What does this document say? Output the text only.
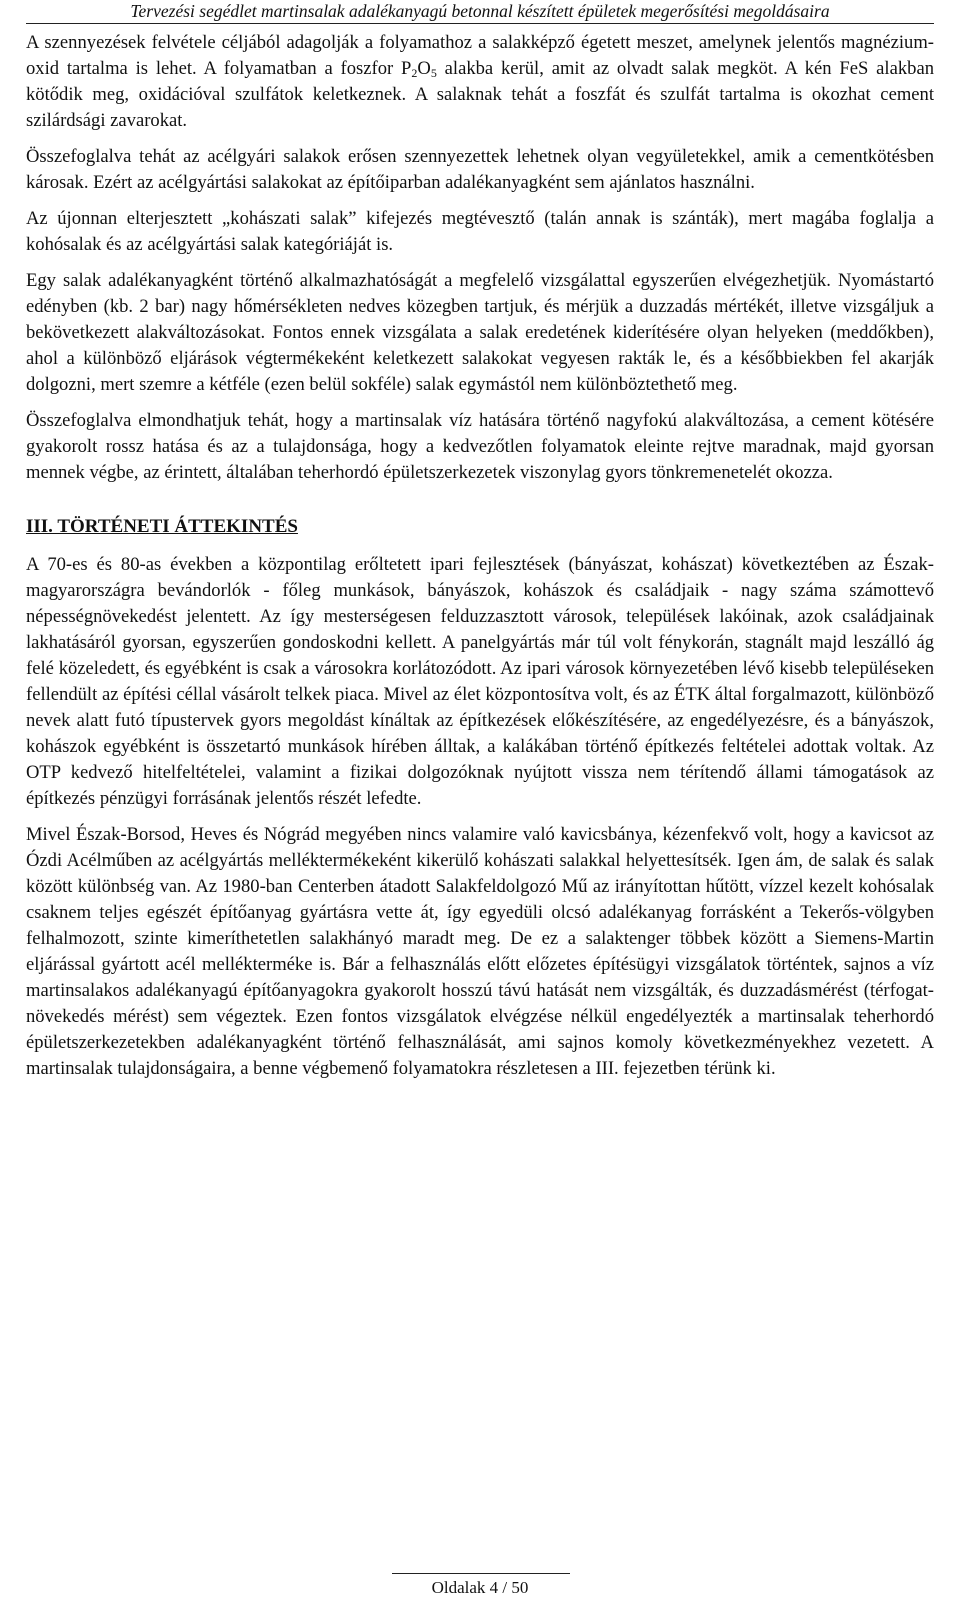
Tervezési segédlet martinsalak adalékanyagú betonnal készített épületek megerősítési megoldásaira

A szennyezések felvétele céljából adagolják a folyamathoz a salakképző égetett meszet, amelynek jelentős magnézium-oxid tartalma is lehet. A folyamatban a foszfor $P_2O_5$ alakba kerül, amit az olvadt salak megköt. A kén FeS alakban kötődik meg, oxidációval szulfátok keletkeznek. A salaknak tehát a foszfát és szulfát tartalma is okozhat cement szilárdsági zavarokat.

Összefoglalva tehát az acélgyári salakok erősen szennyezettek lehetnek olyan vegyületekkel, amik a cementkötésben károsak. Ezért az acélgyártási salakokat az építőiparban adalékanyagként sem ajánlatos használni.

Az újonnan elterjesztett „kohászati salak” kifejezés megtévesztő (talán annak is szánták), mert magába foglalja a kohósalak és az acélgyártási salak kategóriáját is.

Egy salak adalékanyagként történő alkalmazhatóságát a megfelelő vizsgálattal egyszerűen elvégezhetjük. Nyomástartó edényben (kb. 2 bar) nagy hőmérsékleten nedves közegben tartjuk, és mérjük a duzzadás mértékét, illetve vizsgáljuk a bekövetkezett alakváltozásokat. Fontos ennek vizsgálata a salak eredetének kiderítésére olyan helyeken (meddőkben), ahol a különböző eljárások végtermékeként keletkezett salakokat vegyesen rakták le, és a későbbiekben fel akarják dolgozni, mert szemre a kétféle (ezen belül sokféle) salak egymástól nem különböztethető meg.

Összefoglalva elmondhatjuk tehát, hogy a martinsalak víz hatására történő nagyfokú alakváltozása, a cement kötésére gyakorolt rossz hatása és az a tulajdonsága, hogy a kedvezőtlen folyamatok eleinte rejtve maradnak, majd gyorsan mennek végbe, az érintett, általában teherhordó épületszerkezetek viszonylag gyors tönkremenetelét okozza.

III. TÖRTÉNETI ÁTTEKINTÉS

A 70-es és 80-as években a központilag erőltetett ipari fejlesztések (bányászat, kohászat) következtében az Észak-magyarországra bevándorlók - főleg munkások, bányászok, kohászok és családjaik - nagy száma számottevő népességnövekedést jelentett. Az így mesterségesen felduzzasztott városok, települések lakóinak, azok családjainak lakhatásáról gyorsan, egyszerűen gondoskodni kellett. A panelgyártás már túl volt fénykorán, stagnált majd leszálló ág felé közeledett, és egyébként is csak a városokra korlátozódott. Az ipari városok környezetében lévő kisebb településeken fellendült az építési céllal vásárolt telkek piaca. Mivel az élet központosítva volt, és az ÉTK által forgalmazott, különböző nevek alatt futó típustervek gyors megoldást kínáltak az építkezések előkészítésére, az engedélyezésre, és a bányászok, kohászok egyébként is összetartó munkások hírében álltak, a kalákában történő építkezés feltételei adottak voltak. Az OTP kedvező hitelfeltételei, valamint a fizikai dolgozóknak nyújtott vissza nem térítendő állami támogatások az építkezés pénzügyi forrásának jelentős részét lefedte.

Mivel Észak-Borsod, Heves és Nógrád megyében nincs valamire való kavicsbánya, kézenfekvő volt, hogy a kavicsot az Ózdi Acélműben az acélgyártás melléktermékeként kikerülő kohászati salakkal helyettesítsék. Igen ám, de salak és salak között különbség van. Az 1980-ban Centerben átadott Salakfeldolgozó Mű az irányítottan hűtött, vízzel kezelt kohósalak csaknem teljes egészét építőanyag gyártásra vette át, így egyedüli olcsó adalékanyag forrásként a Tekerős-völgyben felhalmozott, szinte kimeríthetetlen salakhányó maradt meg. De ez a salaktenger többek között a Siemens-Martin eljárással gyártott acél mellékterméke is. Bár a felhasználás előtt előzetes építésügyi vizsgálatok történtek, sajnos a víz martinsalakos adalékanyagú építőanyagokra gyakorolt hosszú távú hatását nem vizsgálták, és duzzadásmérést (térfogat-növekedés mérést) sem végeztek. Ezen fontos vizsgálatok elvégzése nélkül engedélyezték a martinsalak teherhordó épületszerkezetekben adalékanyagként történő felhasználását, ami sajnos komoly következményekhez vezetett. A martinsalak tulajdonságaira, a benne végbemenő folyamatokra részletesen a III. fejezetben térünk ki.

Oldalak 4 / 50
